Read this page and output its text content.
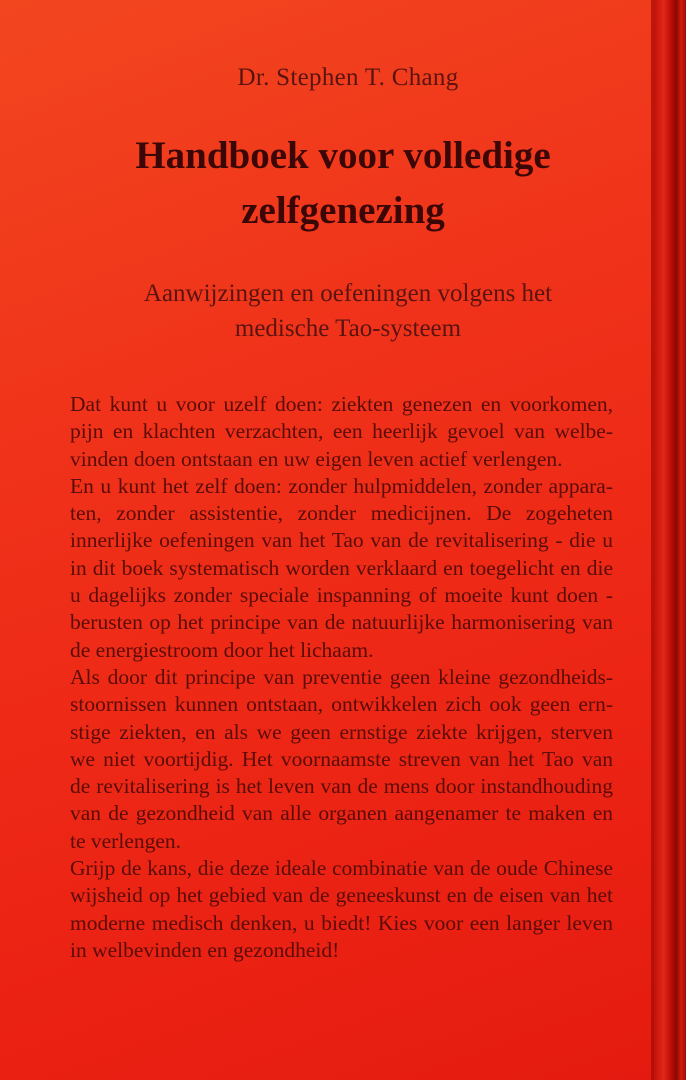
Dr. Stephen T. Chang
Handboek voor volledige
zelfgenezing
Aanwijzingen en oefeningen volgens het
medische Tao-systeem
Dat kunt u voor uzelf doen: ziekten genezen en voorkomen,
pijn en klachten verzachten, een heerlijk gevoel van welbe-
vinden doen ontstaan en uw eigen leven actief verlengen.
En u kunt het zelf doen: zonder hulpmiddelen, zonder appara-
ten, zonder assistentie, zonder medicijnen. De zogeheten
innerlijke oefeningen van het Tao van de revitalisering - die u
in dit boek systematisch worden verklaard en toegelicht en die
u dagelijks zonder speciale inspanning of moeite kunt doen -
berusten op het principe van de natuurlijke harmonisering van
de energiestroom door het lichaam.
Als door dit principe van preventie geen kleine gezondheids-
stoornissen kunnen ontstaan, ontwikkelen zich ook geen ern-
stige ziekten, en als we geen ernstige ziekte krijgen, sterven
we niet voortijdig. Het voornaamste streven van het Tao van
de revitalisering is het leven van de mens door instandhouding
van de gezondheid van alle organen aangenamer te maken en
te verlengen.
Grijp de kans, die deze ideale combinatie van de oude Chinese
wijsheid op het gebied van de geneeskunst en de eisen van het
moderne medisch denken, u biedt! Kies voor een langer leven
in welbevinden en gezondheid!
